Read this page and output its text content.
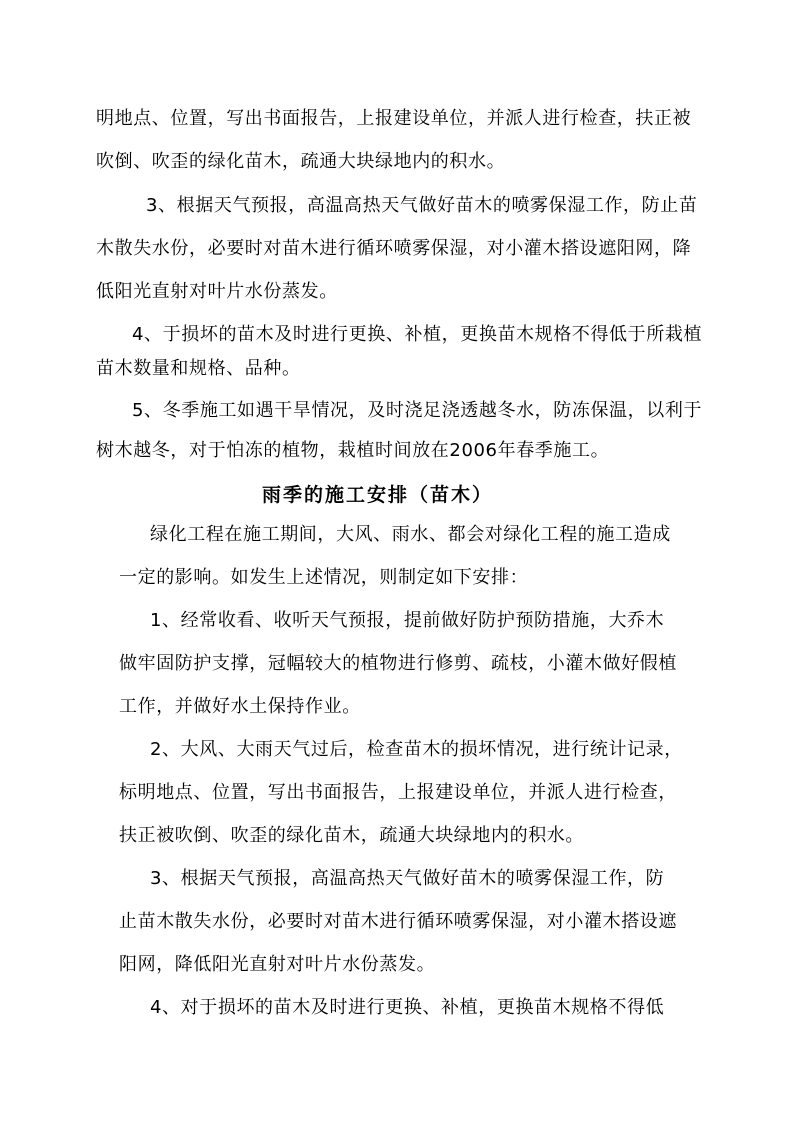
明地点、位置，写出书面报告，上报建设单位，并派人进行检查，扶正被
吹倒、吹歪的绿化苗木，疏通大块绿地内的积水。
3、根据天气预报，高温高热天气做好苗木的喷雾保湿工作，防止苗
木散失水份，必要时对苗木进行循环喷雾保湿，对小灌木搭设遮阳网，降
低阳光直射对叶片水份蒸发。
4、于损坏的苗木及时进行更换、补植，更换苗木规格不得低于所栽植
苗木数量和规格、品种。
5、冬季施工如遇干旱情况，及时浇足浇透越冬水，防冻保温，以利于
树木越冬，对于怕冻的植物，栽植时间放在2006年春季施工。
雨季的施工安排（苗木）
绿化工程在施工期间，大风、雨水、都会对绿化工程的施工造成
一定的影响。如发生上述情况，则制定如下安排：
1、经常收看、收听天气预报，提前做好防护预防措施，大乔木
做牢固防护支撑，冠幅较大的植物进行修剪、疏枝，小灌木做好假植
工作，并做好水土保持作业。
2、大风、大雨天气过后，检查苗木的损坏情况，进行统计记录，
标明地点、位置，写出书面报告，上报建设单位，并派人进行检查，
扶正被吹倒、吹歪的绿化苗木，疏通大块绿地内的积水。
3、根据天气预报，高温高热天气做好苗木的喷雾保湿工作，防
止苗木散失水份，必要时对苗木进行循环喷雾保湿，对小灌木搭设遮
阳网，降低阳光直射对叶片水份蒸发。
4、对于损坏的苗木及时进行更换、补植，更换苗木规格不得低
